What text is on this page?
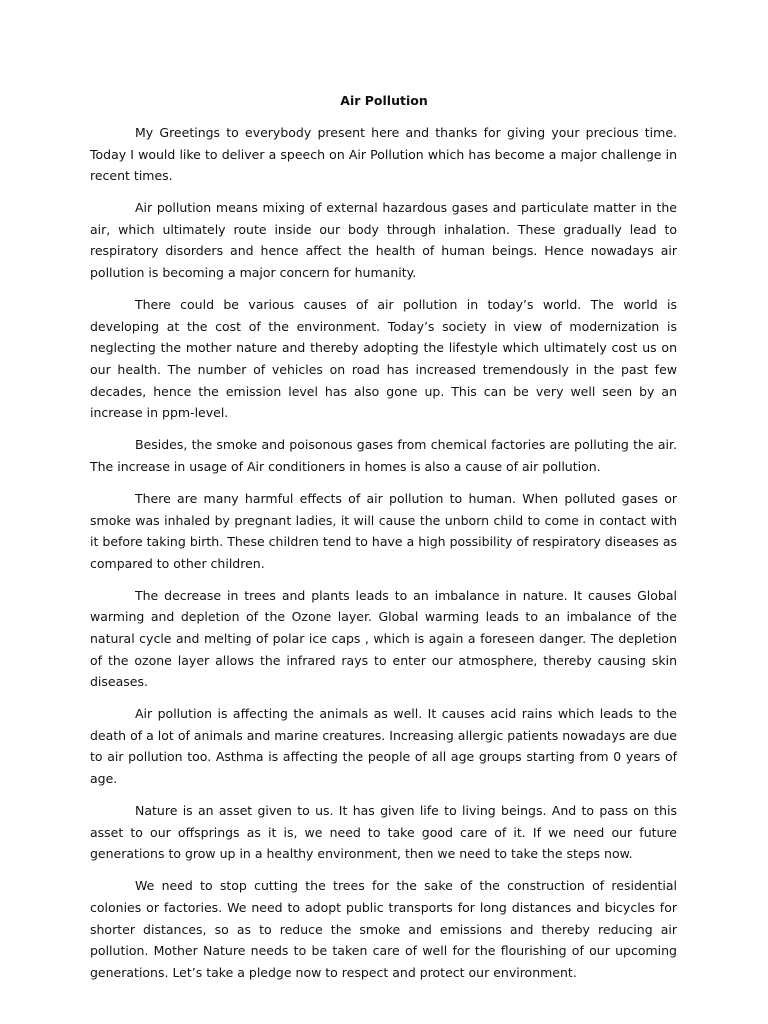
Air Pollution

My Greetings to everybody present here and thanks for giving your precious time. Today I would like to deliver a speech on Air Pollution which has become a major challenge in recent times.

Air pollution means mixing of external hazardous gases and particulate matter in the air, which ultimately route inside our body through inhalation. These gradually lead to respiratory disorders and hence affect the health of human beings. Hence nowadays air pollution is becoming a major concern for humanity.

There could be various causes of air pollution in today’s world. The world is developing at the cost of the environment. Today’s society in view of modernization is neglecting the mother nature and thereby adopting the lifestyle which ultimately cost us on our health. The number of vehicles on road has increased tremendously in the past few decades, hence the emission level has also gone up. This can be very well seen by an increase in ppm-level.

Besides, the smoke and poisonous gases from chemical factories are polluting the air. The increase in usage of Air conditioners in homes is also a cause of air pollution.

There are many harmful effects of air pollution to human. When polluted gases or smoke was inhaled by pregnant ladies, it will cause the unborn child to come in contact with it before taking birth. These children tend to have a high possibility of respiratory diseases as compared to other children.

The decrease in trees and plants leads to an imbalance in nature. It causes Global warming and depletion of the Ozone layer. Global warming leads to an imbalance of the natural cycle and melting of polar ice caps , which is again a foreseen danger. The depletion of the ozone layer allows the infrared rays to enter our atmosphere, thereby causing skin diseases.

Air pollution is affecting the animals as well. It causes acid rains which leads to the death of a lot of animals and marine creatures. Increasing allergic patients nowadays are due to air pollution too. Asthma is affecting the people of all age groups starting from 0 years of age.

Nature is an asset given to us. It has given life to living beings. And to pass on this asset to our offsprings as it is, we need to take good care of it. If we need our future generations to grow up in a healthy environment, then we need to take the steps now.

We need to stop cutting the trees for the sake of the construction of residential colonies or factories. We need to adopt public transports for long distances and bicycles for shorter distances, so as to reduce the smoke and emissions and thereby reducing air pollution. Mother Nature needs to be taken care of well for the flourishing of our upcoming generations. Let’s take a pledge now to respect and protect our environment.
